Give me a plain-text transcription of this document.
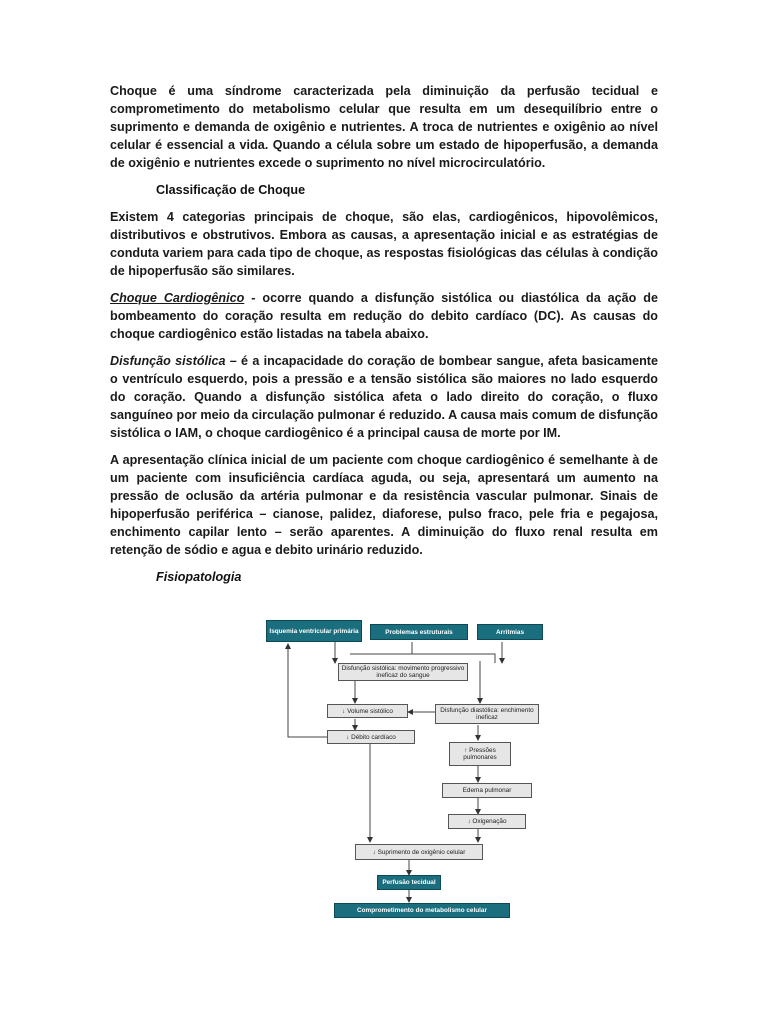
Choque é uma síndrome caracterizada pela diminuição da perfusão tecidual e comprometimento do metabolismo celular que resulta em um desequilíbrio entre o suprimento e demanda de oxigênio e nutrientes. A troca de nutrientes e oxigênio ao nível celular é essencial a vida. Quando a célula sobre um estado de hipoperfusão, a demanda de oxigênio e nutrientes excede o suprimento no nível microcirculatório.

Classificação de Choque

Existem 4 categorias principais de choque, são elas, cardiogênicos, hipovolêmicos, distributivos e obstrutivos. Embora as causas, a apresentação inicial e as estratégias de conduta variem para cada tipo de choque, as respostas fisiológicas das células à condição de hipoperfusão são similares.

Choque Cardiogênico - ocorre quando a disfunção sistólica ou diastólica da ação de bombeamento do coração resulta em redução do debito cardíaco (DC). As causas do choque cardiogênico estão listadas na tabela abaixo.

Disfunção sistólica – é a incapacidade do coração de bombear sangue, afeta basicamente o ventrículo esquerdo, pois a pressão e a tensão sistólica são maiores no lado esquerdo do coração. Quando a disfunção sistólica afeta o lado direito do coração, o fluxo sanguíneo por meio da circulação pulmonar é reduzido. A causa mais comum de disfunção sistólica o IAM, o choque cardiogênico é a principal causa de morte por IM.

A apresentação clínica inicial de um paciente com choque cardiogênico é semelhante à de um paciente com insuficiência cardíaca aguda, ou seja, apresentará um aumento na pressão de oclusão da artéria pulmonar e da resistência vascular pulmonar. Sinais de hipoperfusão periférica – cianose, palidez, diaforese, pulso fraco, pele fria e pegajosa, enchimento capilar lento – serão aparentes. A diminuição do fluxo renal resulta em retenção de sódio e agua e debito urinário reduzido.

Fisiopatologia

Isquemia ventricular primária	Problemas estruturais	Arritmias
Disfunção sistólica: movimento progressivo ineficaz do sangue
↓ Volume sistólico	Disfunção diastólica: enchimento ineficaz
↓ Débito cardíaco
↑ Pressões pulmonares
Edema pulmonar
↓ Oxigenação
↓ Suprimento de oxigênio celular
Perfusão tecidual
Comprometimento do metabolismo celular
